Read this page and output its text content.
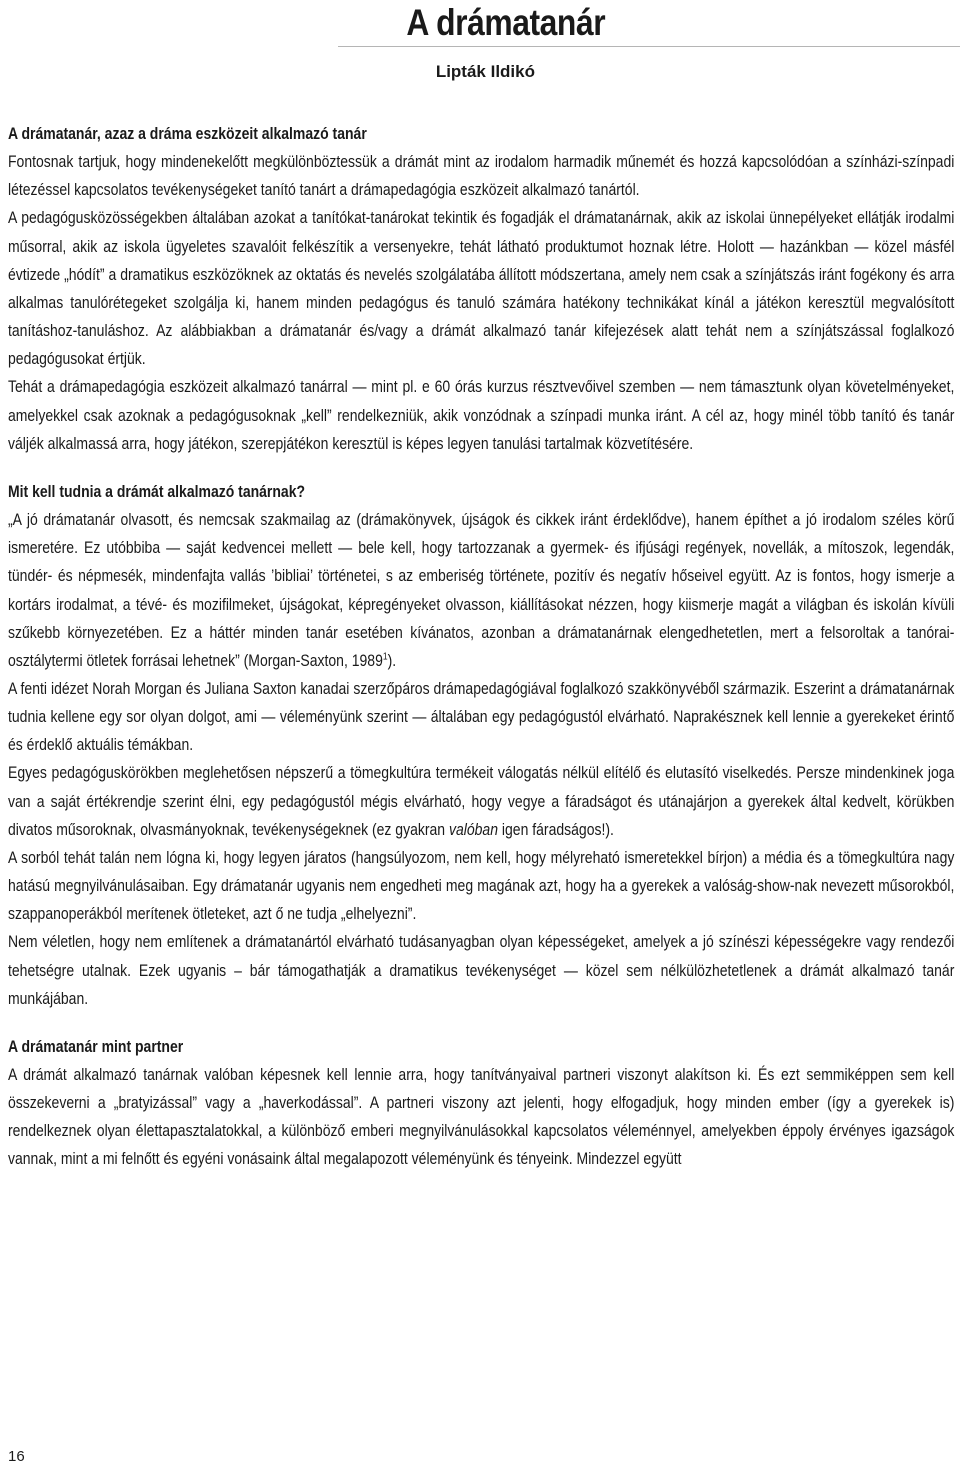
A drámatanár
Lipták Ildikó
A drámatanár, azaz a dráma eszközeit alkalmazó tanár

Fontosnak tartjuk, hogy mindenekelőtt megkülönböztessük a drámát mint az irodalom harmadik műnemét és hozzá kapcsolódóan a színházi-színpadi létezéssel kapcsolatos tevékenységeket tanító tanárt a drámapedagógia eszközeit alkalmazó tanártól.

A pedagógusközösségekben általában azokat a tanítókat-tanárokat tekintik és fogadják el drámatanárnak, akik az iskolai ünnepélyeket ellátják irodalmi műsorral, akik az iskola ügyeletes szavalóit felkészítik a versenyekre, tehát látható produktumot hoznak létre. Holott — hazánkban — közel másfél évtizede „hódít” a dramatikus eszközöknek az oktatás és nevelés szolgálatába állított módszertana, amely nem csak a színjátszás iránt fogékony és arra alkalmas tanulórétegeket szolgálja ki, hanem minden pedagógus és tanuló számára hatékony technikákat kínál a játékon keresztül megvalósított tanításhoz-tanuláshoz. Az alábbiakban a drámatanár és/vagy a drámát alkalmazó tanár kifejezések alatt tehát nem a színjátszással foglalkozó pedagógusokat értjük.

Tehát a drámapedagógia eszközeit alkalmazó tanárral — mint pl. e 60 órás kurzus résztvevőivel szemben — nem támasztunk olyan követelményeket, amelyekkel csak azoknak a pedagógusoknak „kell” rendelkezniük, akik vonzódnak a színpadi munka iránt. A cél az, hogy minél több tanító és tanár váljék alkalmassá arra, hogy játékon, szerepjátékon keresztül is képes legyen tanulási tartalmak közvetítésére.

Mit kell tudnia a drámát alkalmazó tanárnak?

„A jó drámatanár olvasott, és nemcsak szakmailag az (drámakönyvek, újságok és cikkek iránt érdeklődve), hanem építhet a jó irodalom széles körű ismeretére. Ez utóbbiba — saját kedvencei mellett — bele kell, hogy tartozzanak a gyermek- és ifjúsági regények, novellák, a mítoszok, legendák, tündér- és népmesék, mindenfajta vallás ’bibliai’ történetei, s az emberiség története, pozitív és negatív hőseivel együtt. Az is fontos, hogy ismerje a kortárs irodalmat, a tévé- és mozifilmeket, újságokat, képregényeket olvasson, kiállításokat nézzen, hogy kiismerje magát a világban és iskolán kívüli szűkebb környezetében. Ez a háttér minden tanár esetében kívánatos, azonban a drámatanárnak elengedhetetlen, mert a felsoroltak a tanórai-osztálytermi ötletek forrásai lehetnek” (Morgan-Saxton, 1989$^1$).

A fenti idézet Norah Morgan és Juliana Saxton kanadai szerzőpáros drámapedagógiával foglalkozó szakkönyvéből származik. Eszerint a drámatanárnak tudnia kellene egy sor olyan dolgot, ami — véleményünk szerint — általában egy pedagógustól elvárható. Naprakésznek kell lennie a gyerekeket érintő és érdeklő aktuális témákban.

Egyes pedagóguskörökben meglehetősen népszerű a tömegkultúra termékeit válogatás nélkül elítélő és elutasító viselkedés. Persze mindenkinek joga van a saját értékrendje szerint élni, egy pedagógustól mégis elvárható, hogy vegye a fáradságot és utánajárjon a gyerekek által kedvelt, körükben divatos műsoroknak, olvasmányoknak, tevékenységeknek (ez gyakran valóban igen fáradságos!).

A sorból tehát talán nem lógna ki, hogy legyen járatos (hangsúlyozom, nem kell, hogy mélyreható ismeretekkel bírjon) a média és a tömegkultúra nagy hatású megnyilvánulásaiban. Egy drámatanár ugyanis nem engedheti meg magának azt, hogy ha a gyerekek a valóság-show-nak nevezett műsorokból, szappanoperákból merítenek ötleteket, azt ő ne tudja „elhelyezni”.

Nem véletlen, hogy nem említenek a drámatanártól elvárható tudásanyagban olyan képességeket, amelyek a jó színészi képességekre vagy rendezői tehetségre utalnak. Ezek ugyanis – bár támogathatják a dramatikus tevékenységet — közel sem nélkülözhetetlenek a drámát alkalmazó tanár munkájában.

A drámatanár mint partner

A drámát alkalmazó tanárnak valóban képesnek kell lennie arra, hogy tanítványaival partneri viszonyt alakítson ki. És ezt semmiképpen sem kell összekeverni a „bratyizással” vagy a „haverkodással”. A partneri viszony azt jelenti, hogy elfogadjuk, hogy minden ember (így a gyerekek is) rendelkeznek olyan élettapasztalatokkal, a különböző emberi megnyilvánulásokkal kapcsolatos véleménnyel, amelyekben éppoly érvényes igazságok vannak, mint a mi felnőtt és egyéni vonásaink által megalapozott véleményünk és tényeink. Mindezzel együtt

16
